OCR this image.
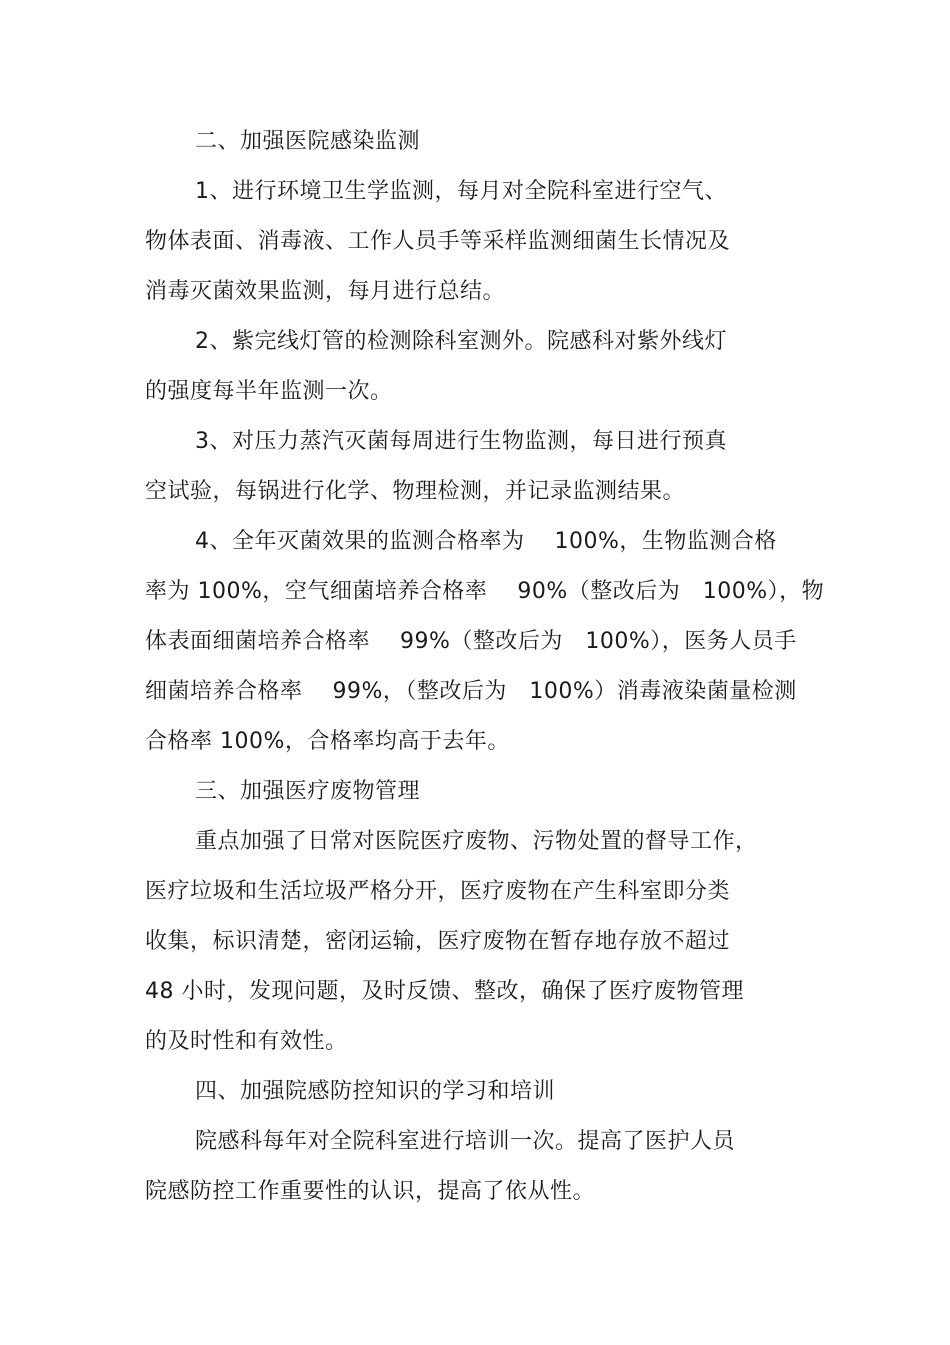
二、加强医院感染监测
1、进行环境卫生学监测，每月对全院科室进行空气、
物体表面、消毒液、工作人员手等采样监测细菌生长情况及
消毒灭菌效果监测，每月进行总结。
2、紫完线灯管的检测除科室测外。院感科对紫外线灯
的强度每半年监测一次。
3、对压力蒸汽灭菌每周进行生物监测，每日进行预真
空试验，每锅进行化学、物理检测，并记录监测结果。
4、全年灭菌效果的监测合格率为　 100%，生物监测合格
率为 100%，空气细菌培养合格率　 90%（整改后为　100%），物
体表面细菌培养合格率　 99%（整改后为　100%），医务人员手
细菌培养合格率　 99%，（整改后为　100%）消毒液染菌量检测
合格率 100%，合格率均高于去年。
三、加强医疗废物管理
重点加强了日常对医院医疗废物、污物处置的督导工作，
医疗垃圾和生活垃圾严格分开，医疗废物在产生科室即分类
收集，标识清楚，密闭运输，医疗废物在暂存地存放不超过
48 小时，发现问题，及时反馈、整改，确保了医疗废物管理
的及时性和有效性。
四、加强院感防控知识的学习和培训
院感科每年对全院科室进行培训一次。提高了医护人员
院感防控工作重要性的认识，提高了依从性。
